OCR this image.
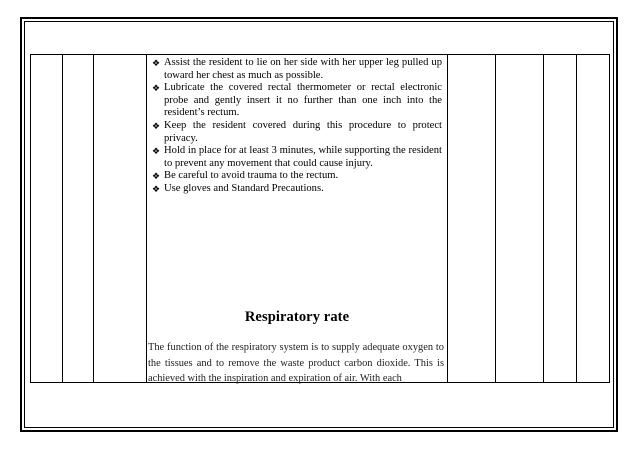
❖ Assist the resident to lie on her side with her upper leg pulled up toward her chest as much as possible.
❖ Lubricate the covered rectal thermometer or rectal electronic probe and gently insert it no further than one inch into the resident’s rectum.
❖ Keep the resident covered during this procedure to protect privacy.
❖ Hold in place for at least 3 minutes, while supporting the resident to prevent any movement that could cause injury.
❖ Be careful to avoid trauma to the rectum.
❖ Use gloves and Standard Precautions.
Respiratory rate
The function of the respiratory system is to supply adequate oxygen to the tissues and to remove the waste product carbon dioxide. This is achieved with the inspiration and expiration of air. With each
